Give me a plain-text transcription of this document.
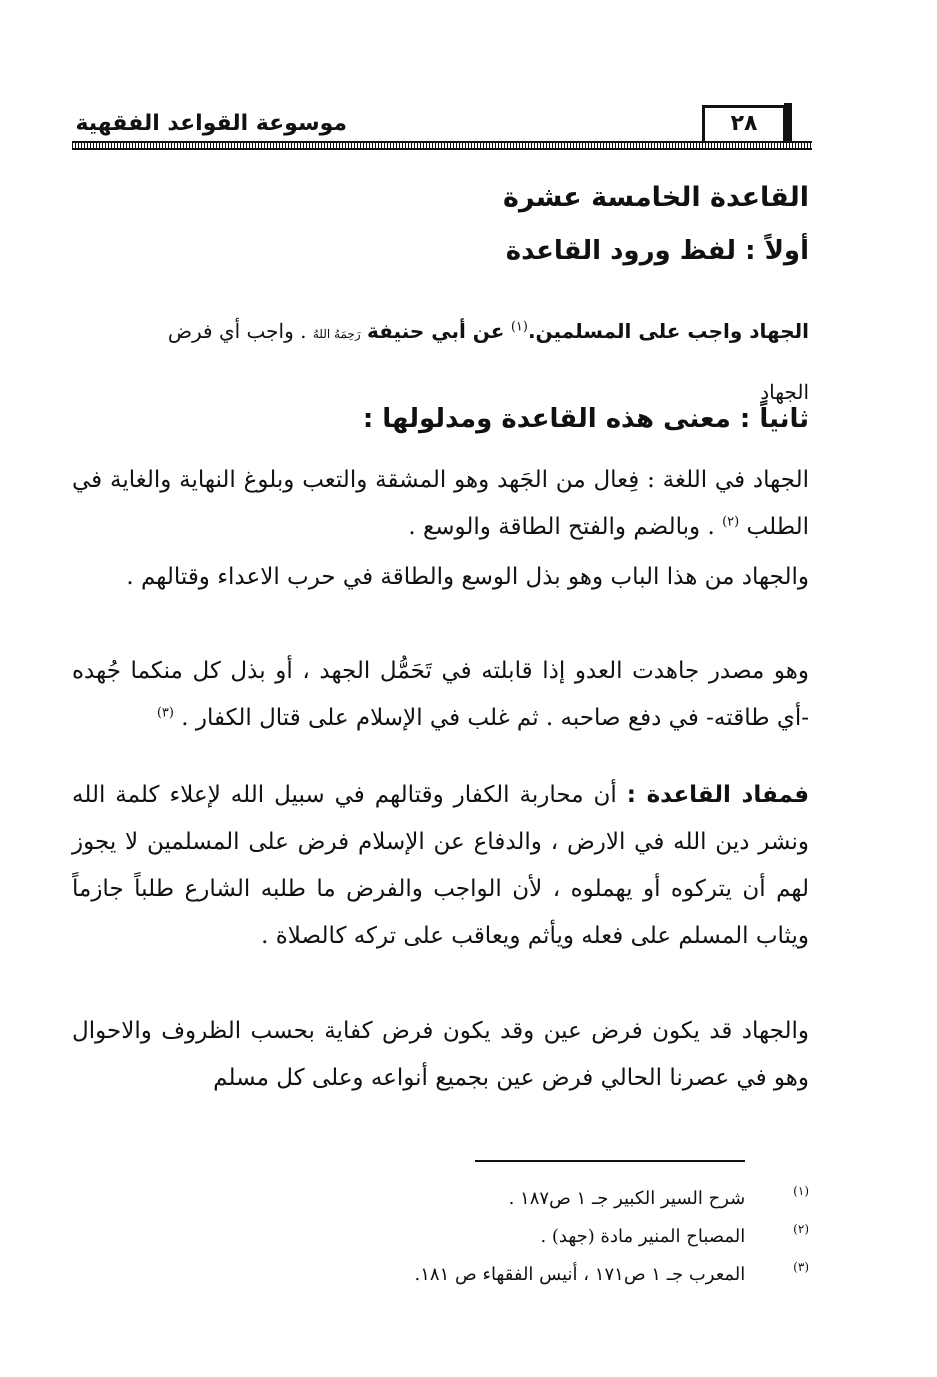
موسوعة القواعد الفقهية	٢٨
القاعدة الخامسة عشرة
أولاً : لفظ ورود القاعدة
الجهاد واجب على المسلمين.$^{(١)}$ عن أبي حنيفة رَحِمَهُ اللهُ . واجب أي فرض الجهاد
ثانياً : معنى هذه القاعدة ومدلولها :
الجهاد في اللغة : فِعال من الجَهد وهو المشقة والتعب وبلوغ النهاية والغاية في الطلب $^{(٢)}$ . وبالضم والفتح الطاقة والوسع .
والجهاد من هذا الباب وهو بذل الوسع والطاقة في حرب الاعداء وقتالهم .
وهو مصدر جاهدت العدو إذا قابلته في تَحَمُّل الجهد ، أو بذل كل منكما جُهده -أي طاقته- في دفع صاحبه . ثم غلب في الإسلام على قتال الكفار . $^{(٣)}$
فمفاد القاعدة : أن محاربة الكفار وقتالهم في سبيل الله لإعلاء كلمة الله ونشر دين الله في الارض ، والدفاع عن الإسلام فرض على المسلمين لا يجوز لهم أن يتركوه أو يهملوه ، لأن الواجب والفرض ما طلبه الشارع طلباً جازماً ويثاب المسلم على فعله ويأثم ويعاقب على تركه كالصلاة .
والجهاد قد يكون فرض عين وقد يكون فرض كفاية بحسب الظروف والاحوال وهو في عصرنا الحالي فرض عين بجميع أنواعه وعلى كل مسلم
(١) شرح السير الكبير جـ ١ ص١٨٧ .
(٢) المصباح المنير مادة (جهد) .
(٣) المعرب جـ ١ ص١٧١ ، أنيس الفقهاء ص ١٨١.
